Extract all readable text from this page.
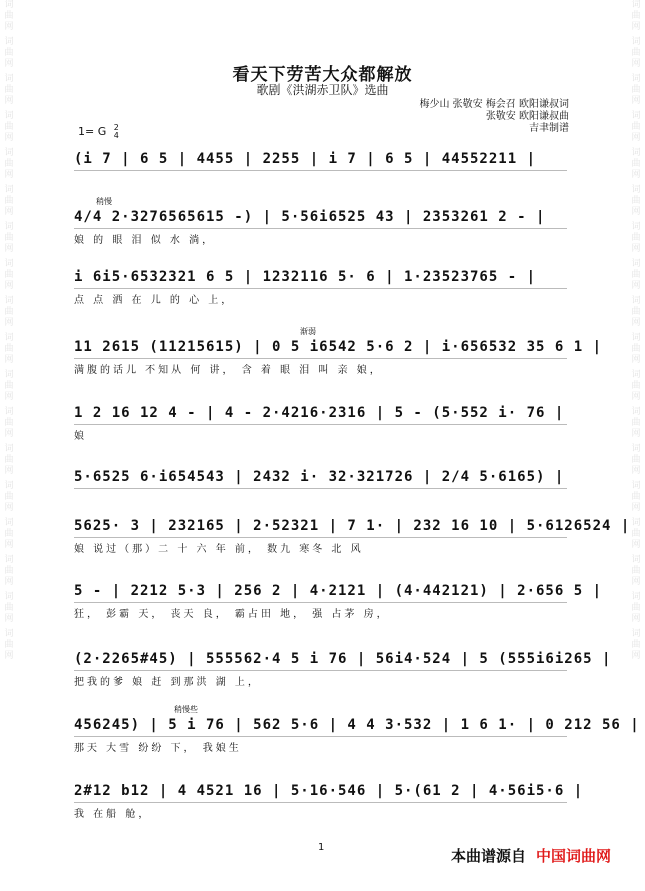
词曲网
词曲网
词曲网
词曲网
词曲网
词曲网
词曲网
词曲网
词曲网
词曲网
词曲网
词曲网
词曲网
词曲网
词曲网
词曲网
词曲网
词曲网
词曲网
词曲网
词曲网
词曲网
词曲网
词曲网
词曲网
词曲网
词曲网
词曲网
词曲网
词曲网
词曲网
词曲网
词曲网
词曲网
词曲网
词曲网
看天下劳苦大众都解放
歌剧《洪湖赤卫队》选曲
梅少山 张敬安 梅会召 欧阳谦叔词
张敬安 欧阳谦叔曲
吉聿制谱
1= G 2
4
(i 7 | 6 5 | 4455 | 2255 | i 7 | 6 5 | 44552211 |
稍慢
4/4 2·3276565615 -) | 5·56i6525 43 | 2353261 2 - |
娘 的 眼 泪 似 水 淌，
i 6i5·6532321 6 5 | 1232116 5· 6 | 1·23523765 - |
点 点 洒 在 儿 的 心 上，
渐弱
11 2615 (11215615) | 0 5 i6542 5·6 2 | i·656532 35 6 1 |
满腹的话儿 不知从 何 讲， 含 着 眼 泪 叫 亲 娘，
1 2 16 12 4 - | 4 - 2·4216·2316 | 5 - (5·552 i· 76 |
娘
5·6525 6·i654543 | 2432 i· 32·321726 | 2/4 5·6165) |
5625· 3 | 232165 | 2·52321 | 7 1· | 232 16 10 | 5·6126524 |
娘 说过（那）二 十 六 年 前， 数九 寒冬 北 风
5 - | 2212 5·3 | 256 2 | 4·2121 | (4·442121) | 2·656 5 |
狂， 彭霸 天， 丧天 良， 霸占田 地， 强 占茅 房，
(2·2265#45) | 555562·4 5 i 76 | 56i4·524 | 5 (555i6i265 |
把我的爹 娘 赶 到那洪 湖 上，
稍慢些
456245) | 5 i 76 | 562 5·6 | 4 4 3·532 | 1 6 1· | 0 212 56 |
那天 大雪 纷纷 下， 我娘生
2#12 b12 | 4 4521 16 | 5·16·546 | 5·(61 2 | 4·56i5·6 |
我 在船 舱，
1	本曲谱源自 中国词曲网
